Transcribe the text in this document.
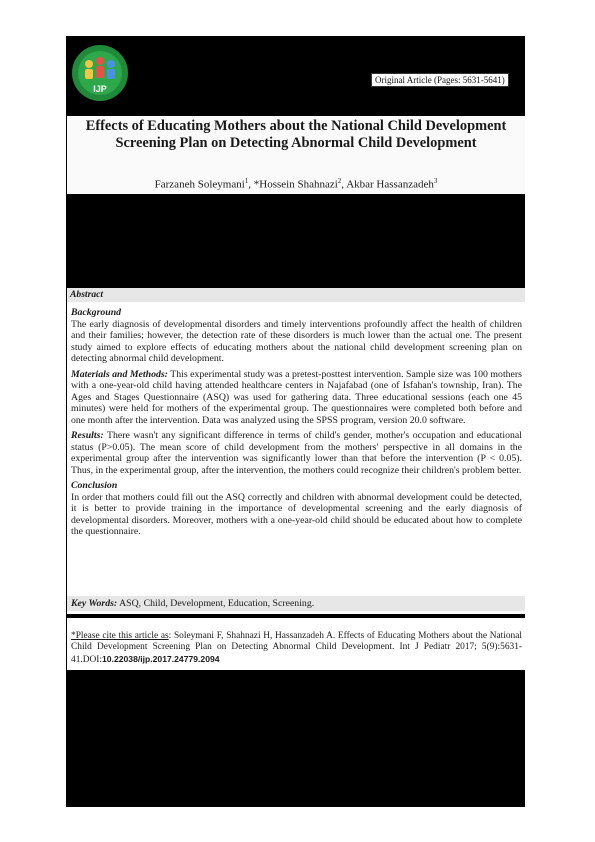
IJP
Original Article (Pages: 5631-5641)
Effects of Educating Mothers about the National Child Development Screening Plan on Detecting Abnormal Child Development
Farzaneh Soleymani$^1$, *Hossein Shahnazi$^2$, Akbar Hassanzadeh$^3$
Abstract
Background

The early diagnosis of developmental disorders and timely interventions profoundly affect the health of children and their families; however, the detection rate of these disorders is much lower than the actual one. The present study aimed to explore effects of educating mothers about the national child development screening plan on detecting abnormal child development.

Materials and Methods: This experimental study was a pretest-posttest intervention. Sample size was 100 mothers with a one-year-old child having attended healthcare centers in Najafabad (one of Isfahan's township, Iran). The Ages and Stages Questionnaire (ASQ) was used for gathering data. Three educational sessions (each one 45 minutes) were held for mothers of the experimental group. The questionnaires were completed both before and one month after the intervention. Data was analyzed using the SPSS program, version 20.0 software.

Results: There wasn't any significant difference in terms of child's gender, mother's occupation and educational status (P>0.05). The mean score of child development from the mothers' perspective in all domains in the experimental group after the intervention was significantly lower than that before the intervention (P < 0.05). Thus, in the experimental group, after the intervention, the mothers could recognize their children's problem better.

Conclusion

In order that mothers could fill out the ASQ correctly and children with abnormal development could be detected, it is better to provide training in the importance of developmental screening and the early diagnosis of developmental disorders. Moreover, mothers with a one-year-old child should be educated about how to complete the questionnaire.

Key Words: ASQ, Child, Development, Education, Screening.
*Please cite this article as: Soleymani F, Shahnazi H, Hassanzadeh A. Effects of Educating Mothers about the National Child Development Screening Plan on Detecting Abnormal Child Development. Int J Pediatr 2017; 5(9):5631-41.DOI:10.22038/ijp.2017.24779.2094
